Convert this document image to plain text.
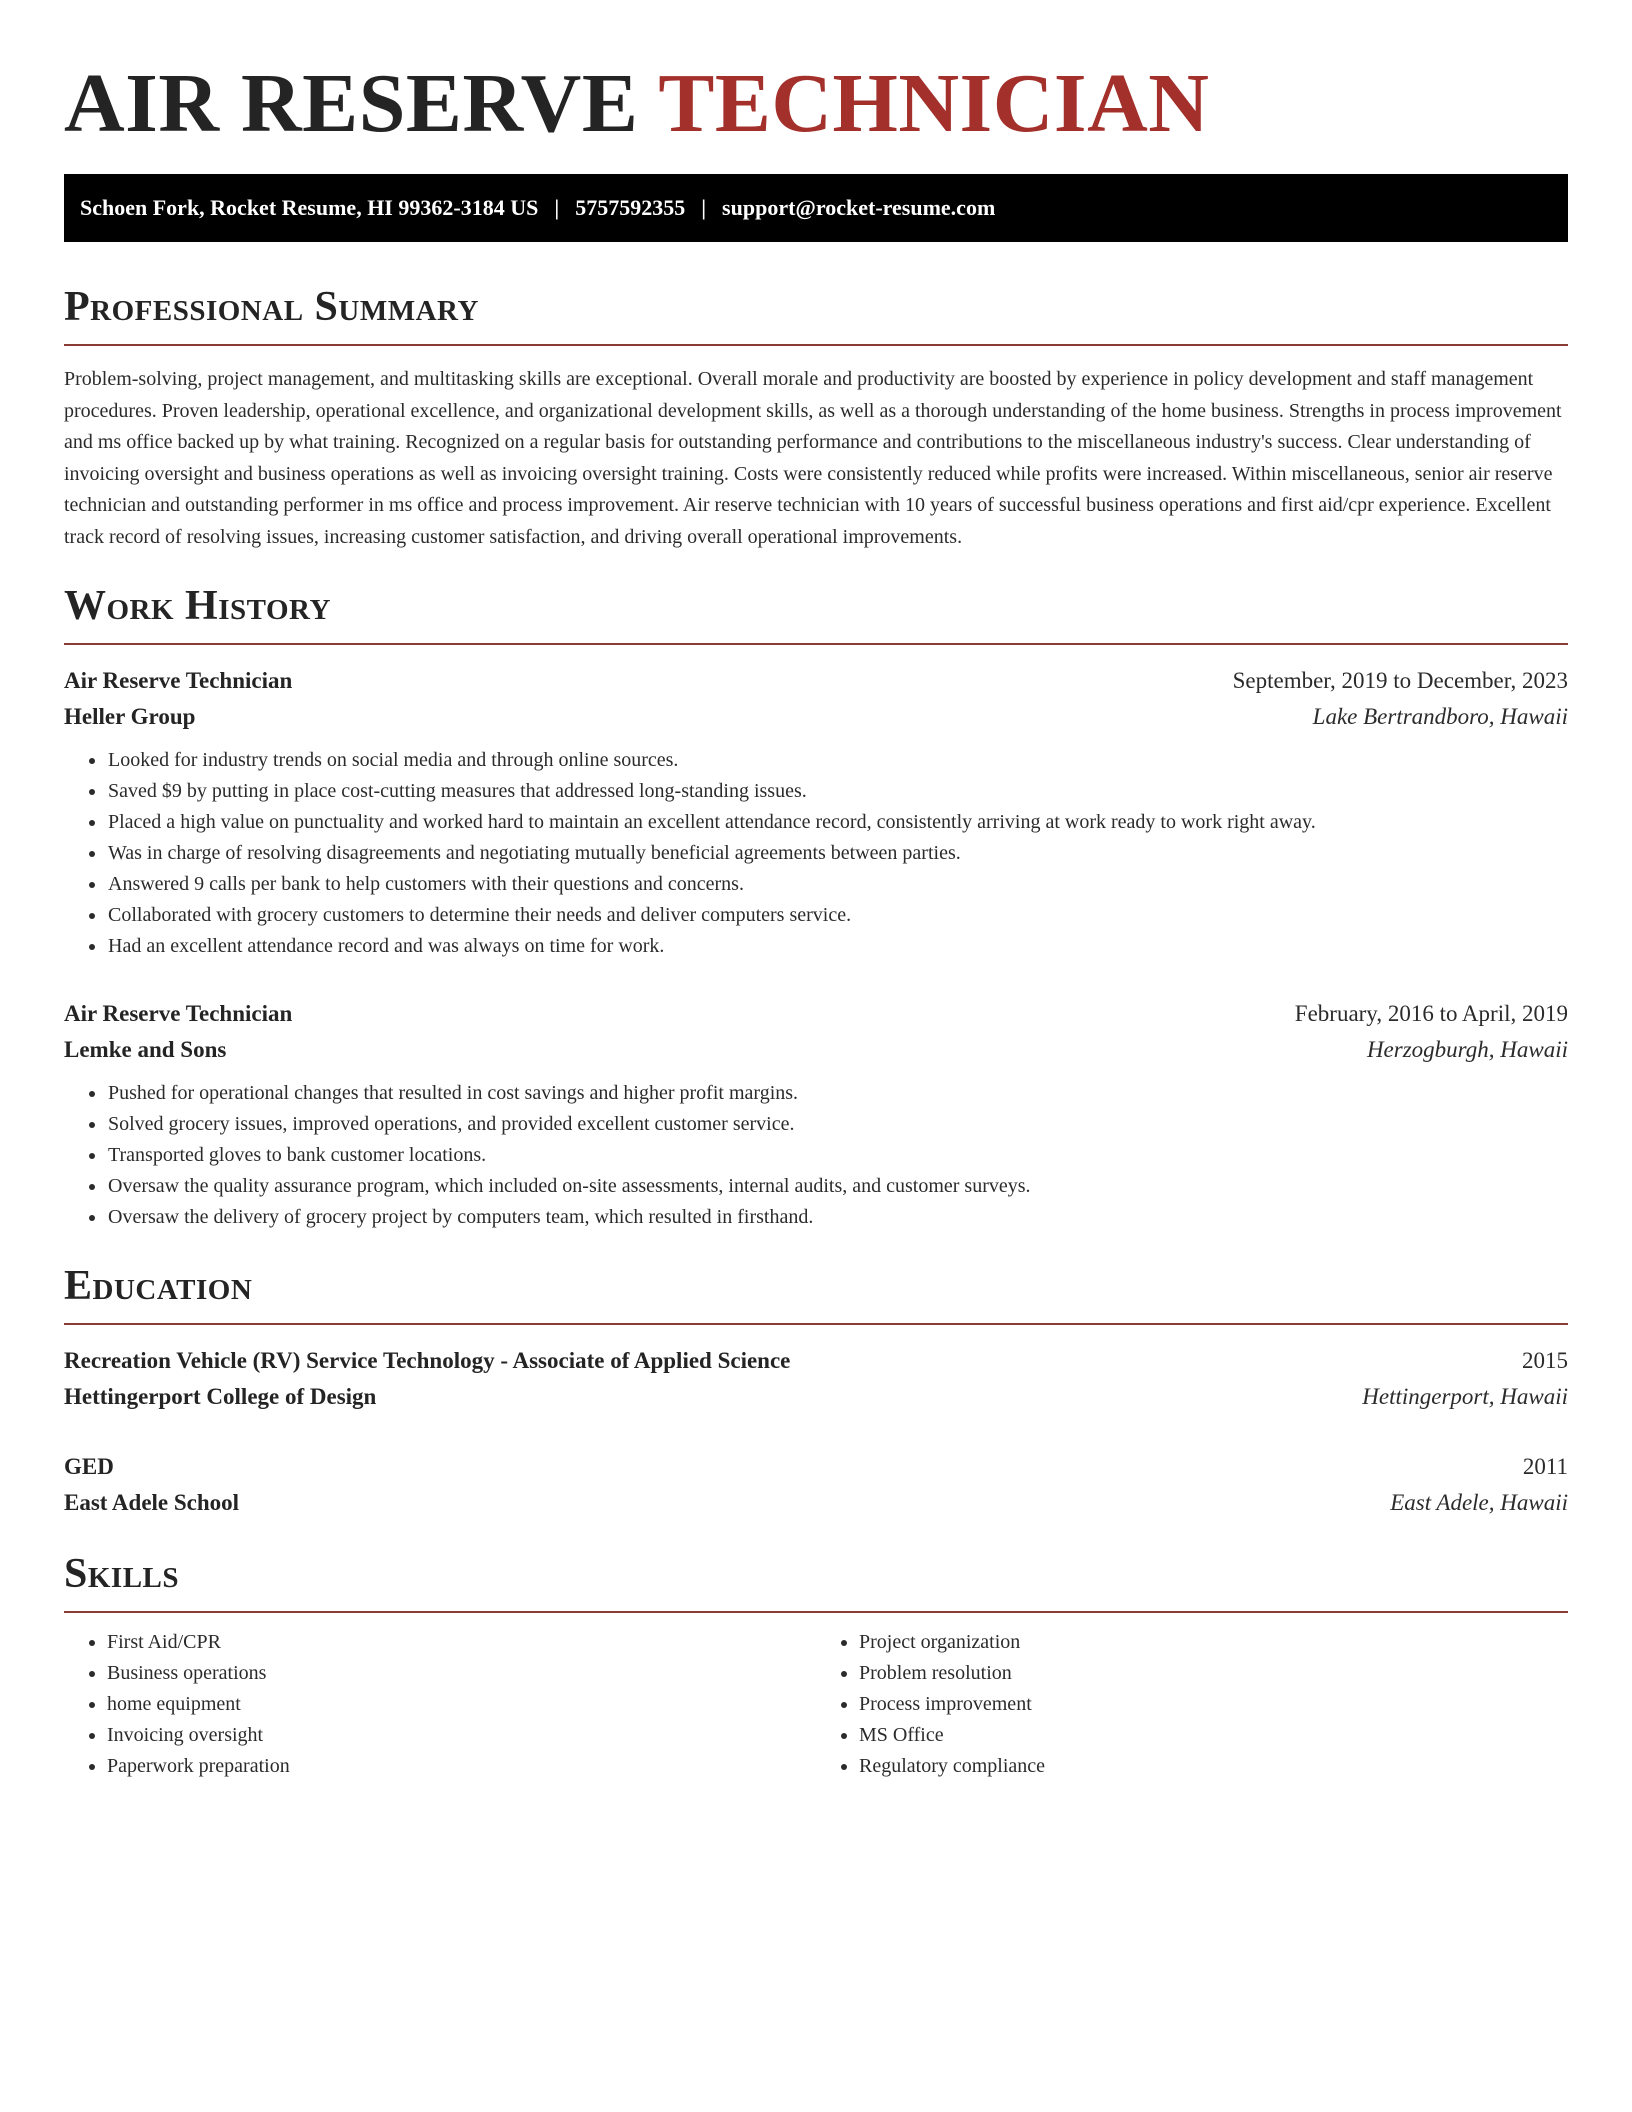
AIR RESERVE TECHNICIAN
Schoen Fork, Rocket Resume, HI 99362-3184 US | 5757592355 | support@rocket-resume.com
Professional Summary

Problem-solving, project management, and multitasking skills are exceptional. Overall morale and productivity are boosted by experience in policy development and staff management procedures. Proven leadership, operational excellence, and organizational development skills, as well as a thorough understanding of the home business. Strengths in process improvement and ms office backed up by what training. Recognized on a regular basis for outstanding performance and contributions to the miscellaneous industry's success. Clear understanding of invoicing oversight and business operations as well as invoicing oversight training. Costs were consistently reduced while profits were increased. Within miscellaneous, senior air reserve technician and outstanding performer in ms office and process improvement. Air reserve technician with 10 years of successful business operations and first aid/cpr experience. Excellent track record of resolving issues, increasing customer satisfaction, and driving overall operational improvements.

Work History
Air Reserve Technician	September, 2019 to December, 2023
Heller Group	Lake Bertrandboro, Hawaii
• Looked for industry trends on social media and through online sources.
• Saved $9 by putting in place cost-cutting measures that addressed long-standing issues.
• Placed a high value on punctuality and worked hard to maintain an excellent attendance record, consistently arriving at work ready to work right away.
• Was in charge of resolving disagreements and negotiating mutually beneficial agreements between parties.
• Answered 9 calls per bank to help customers with their questions and concerns.
• Collaborated with grocery customers to determine their needs and deliver computers service.
• Had an excellent attendance record and was always on time for work.
Air Reserve Technician	February, 2016 to April, 2019
Lemke and Sons	Herzogburgh, Hawaii
• Pushed for operational changes that resulted in cost savings and higher profit margins.
• Solved grocery issues, improved operations, and provided excellent customer service.
• Transported gloves to bank customer locations.
• Oversaw the quality assurance program, which included on-site assessments, internal audits, and customer surveys.
• Oversaw the delivery of grocery project by computers team, which resulted in firsthand.
Education
Recreation Vehicle (RV) Service Technology - Associate of Applied Science	2015
Hettingerport College of Design	Hettingerport, Hawaii
GED	2011
East Adele School	East Adele, Hawaii
Skills
• First Aid/CPR
• Business operations
• home equipment
• Invoicing oversight
• Paperwork preparation
• Project organization
• Problem resolution
• Process improvement
• MS Office
• Regulatory compliance
